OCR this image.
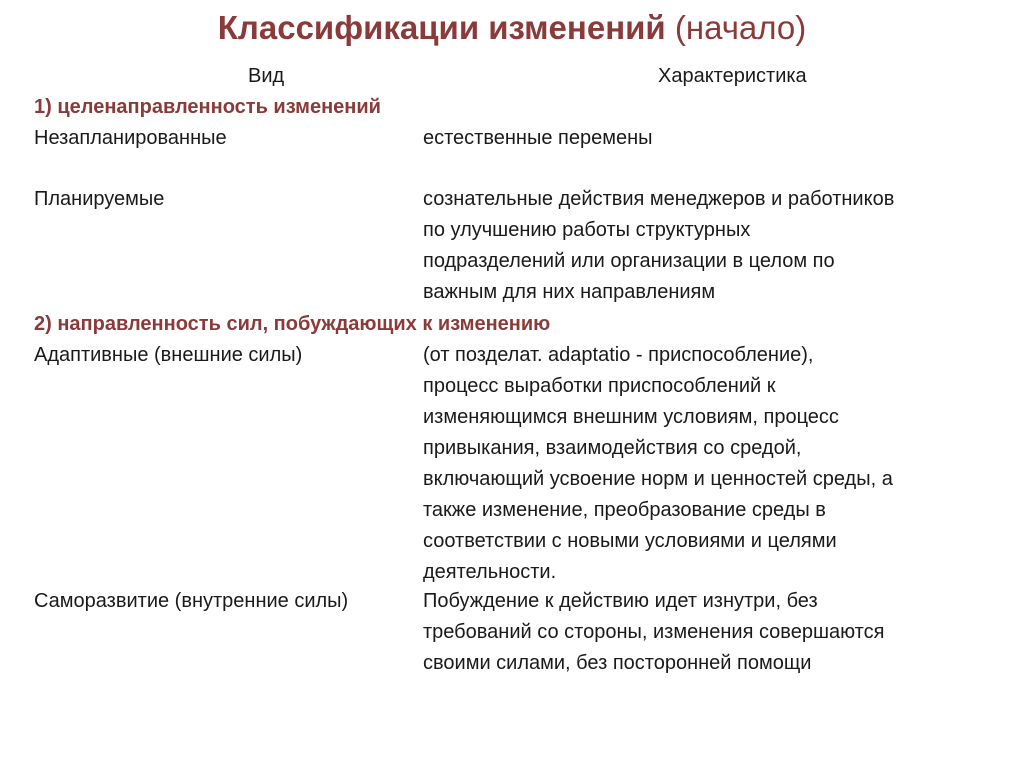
Классификации изменений (начало)
Вид	Характеристика
1) целенаправленность изменений
Незапланированные	естественные перемены
Планируемые	сознательные действия менеджеров и работников
по улучшению работы структурных
подразделений или организации в целом по
важным для них направлениям
2) направленность сил, побуждающих к изменению
Адаптивные (внешние силы)	(от позделат. adaptatio - приспособление),
процесс выработки приспособлений к
изменяющимся внешним условиям, процесс
привыкания, взаимодействия со средой,
включающий усвоение норм и ценностей среды, а
также изменение, преобразование среды в
соответствии с новыми условиями и целями
деятельности.
Саморазвитие (внутренние силы)	Побуждение к действию идет изнутри, без
требований со стороны, изменения совершаются
своими силами, без посторонней помощи
